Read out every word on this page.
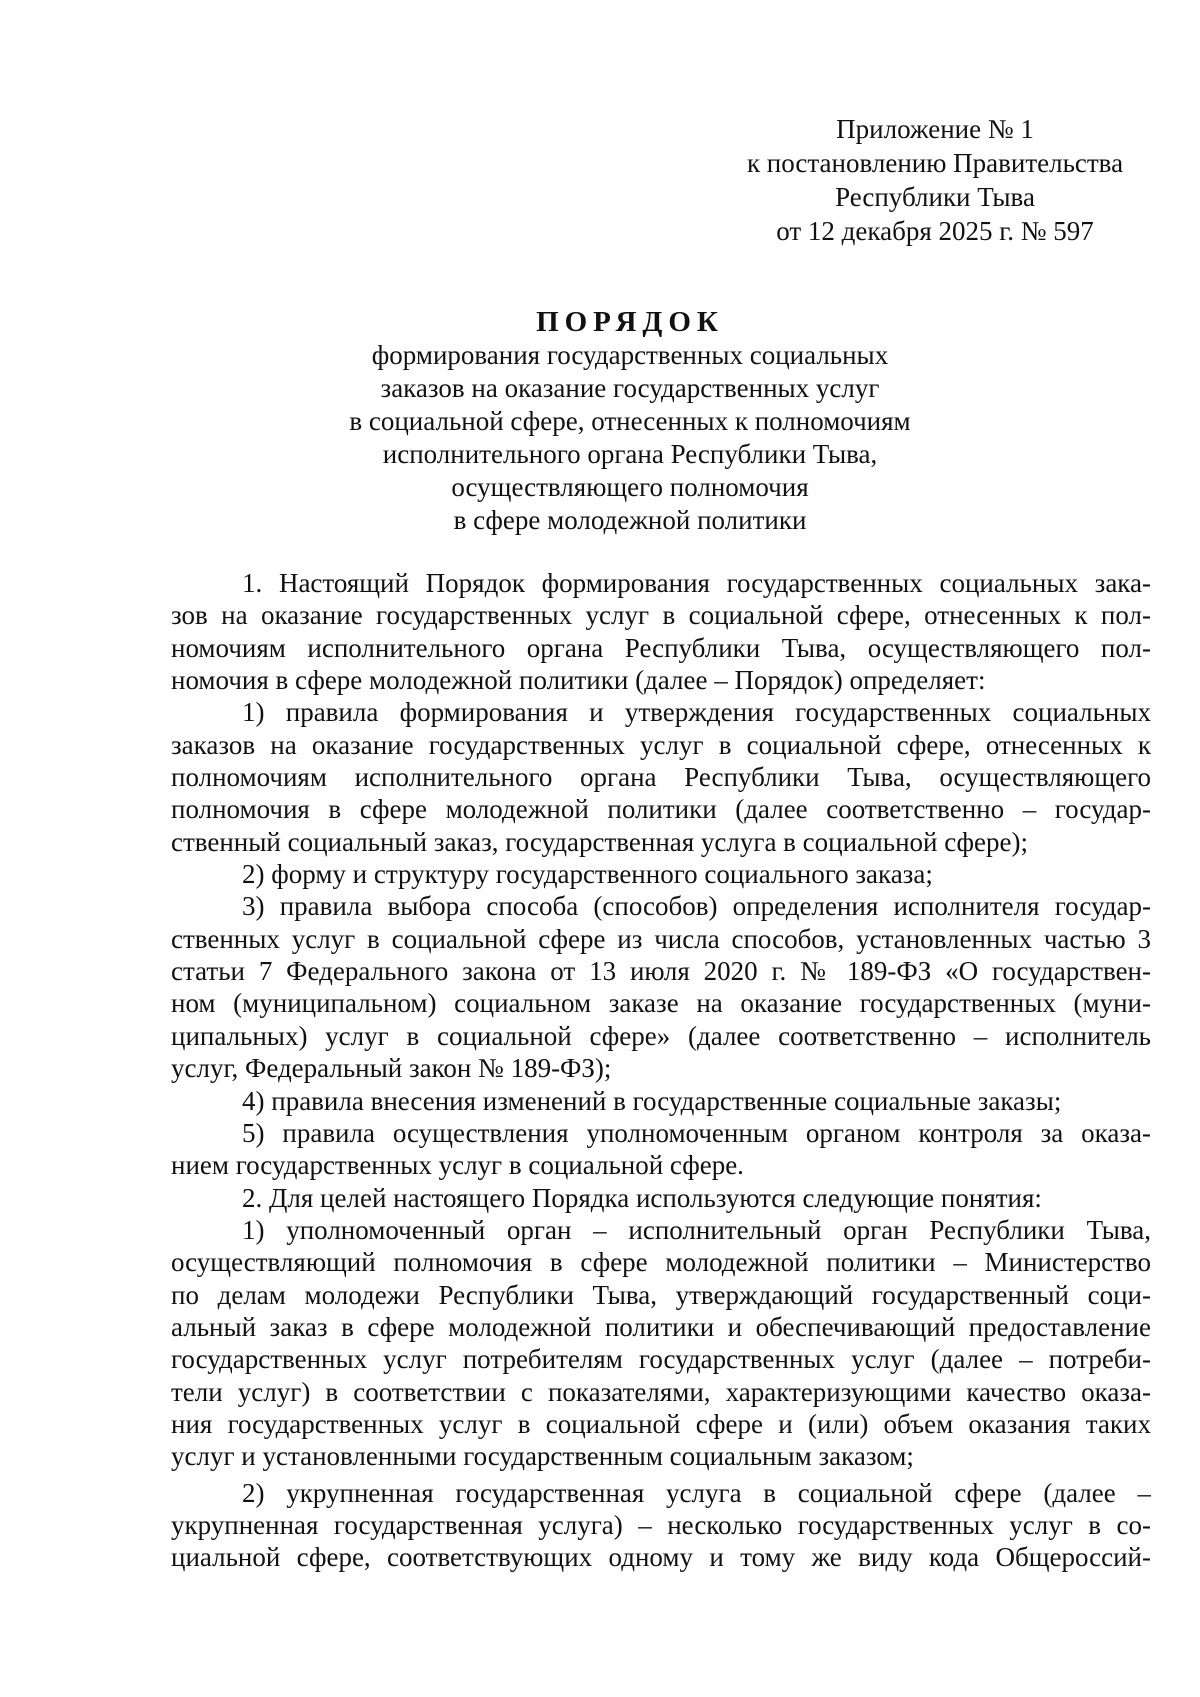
Приложение № 1
к постановлению Правительства
Республики Тыва
от 12 декабря 2025 г. № 597
ПОРЯДОК
формирования государственных социальных
заказов на оказание государственных услуг
в социальной сфере, отнесенных к полномочиям
исполнительного органа Республики Тыва,
осуществляющего полномочия
в сфере молодежной политики
1. Настоящий Порядок формирования государственных социальных зака-
зов на оказание государственных услуг в социальной сфере, отнесенных к пол-
номочиям исполнительного органа Республики Тыва, осуществляющего пол-
номочия в сфере молодежной политики (далее – Порядок) определяет:
1) правила формирования и утверждения государственных социальных
заказов на оказание государственных услуг в социальной сфере, отнесенных к
полномочиям исполнительного органа Республики Тыва, осуществляющего
полномочия в сфере молодежной политики (далее соответственно – государ-
ственный социальный заказ, государственная услуга в социальной сфере);
2) форму и структуру государственного социального заказа;
3) правила выбора способа (способов) определения исполнителя государ-
ственных услуг в социальной сфере из числа способов, установленных частью 3
статьи 7 Федерального закона от 13 июля 2020 г. № 189-ФЗ «О государствен-
ном (муниципальном) социальном заказе на оказание государственных (муни-
ципальных) услуг в социальной сфере» (далее соответственно – исполнитель
услуг, Федеральный закон № 189-ФЗ);
4) правила внесения изменений в государственные социальные заказы;
5) правила осуществления уполномоченным органом контроля за оказа-
нием государственных услуг в социальной сфере.
2. Для целей настоящего Порядка используются следующие понятия:
1) уполномоченный орган – исполнительный орган Республики Тыва,
осуществляющий полномочия в сфере молодежной политики – Министерство
по делам молодежи Республики Тыва, утверждающий государственный соци-
альный заказ в сфере молодежной политики и обеспечивающий предоставление
государственных услуг потребителям государственных услуг (далее – потреби-
тели услуг) в соответствии с показателями, характеризующими качество оказа-
ния государственных услуг в социальной сфере и (или) объем оказания таких
услуг и установленными государственным социальным заказом;
2) укрупненная государственная услуга в социальной сфере (далее –
укрупненная государственная услуга) – несколько государственных услуг в со-
циальной сфере, соответствующих одному и тому же виду кода Общероссий-
